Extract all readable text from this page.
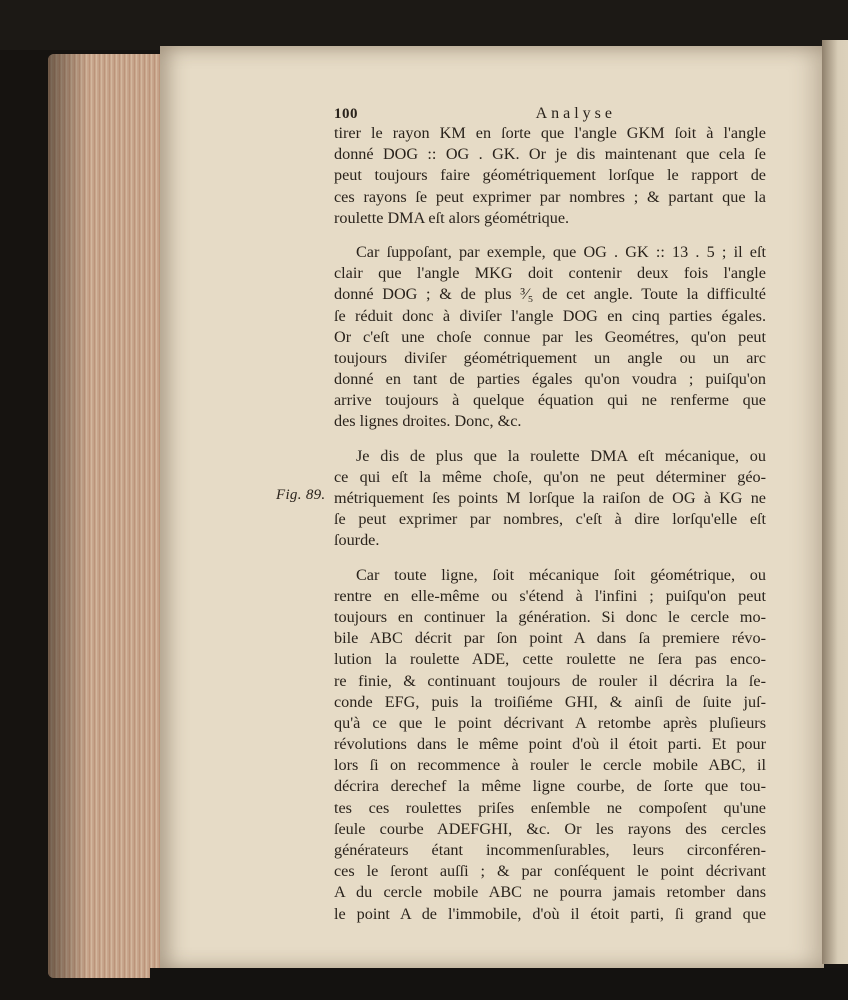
100	Analyse

tirer le rayon KM en ſorte que l'angle GKM ſoit à l'angle
donné DOG :: OG . GK. Or je dis maintenant que cela ſe
peut toujours faire géométriquement lorſque le rapport de
ces rayons ſe peut exprimer par nombres ; & partant que la
roulette DMA eſt alors géométrique.

Car ſuppoſant, par exemple, que OG . GK :: 13 . 5 ; il eſt
clair que l'angle MKG doit contenir deux fois l'angle
donné DOG ; & de plus ³⁄₅ de cet angle. Toute la difficulté
ſe réduit donc à diviſer l'angle DOG en cinq parties égales.
Or c'eſt une choſe connue par les Geométres, qu'on peut
toujours diviſer géométriquement un angle ou un arc
donné en tant de parties égales qu'on voudra ; puiſqu'on
arrive toujours à quelque équation qui ne renferme que
des lignes droites. Donc, &c.

Je dis de plus que la roulette DMA eſt mécanique, ou
ce qui eſt la même choſe, qu'on ne peut déterminer géo-
métriquement ſes points M lorſque la raiſon de OG à KG ne
ſe peut exprimer par nombres, c'eſt à dire lorſqu'elle eſt
ſourde.

Car toute ligne, ſoit mécanique ſoit géométrique, ou
rentre en elle-même ou s'étend à l'infini ; puiſqu'on peut
toujours en continuer la génération. Si donc le cercle mo-
bile ABC décrit par ſon point A dans ſa premiere révo-
lution la roulette ADE, cette roulette ne ſera pas enco-
re finie, & continuant toujours de rouler il décrira la ſe-
conde EFG, puis la troiſiéme GHI, & ainſi de ſuite juſ-
qu'à ce que le point décrivant A retombe après pluſieurs
révolutions dans le même point d'où il étoit parti. Et pour
lors ſi on recommence à rouler le cercle mobile ABC, il
décrira derechef la même ligne courbe, de ſorte que tou-
tes ces roulettes priſes enſemble ne compoſent qu'une
ſeule courbe ADEFGHI, &c. Or les rayons des cercles
générateurs étant incommenſurables, leurs circonféren-
ces le ſeront auſſi ; & par conſéquent le point décrivant
A du cercle mobile ABC ne pourra jamais retomber dans
le point A de l'immobile, d'où il étoit parti, ſi grand que

Fig. 89.
